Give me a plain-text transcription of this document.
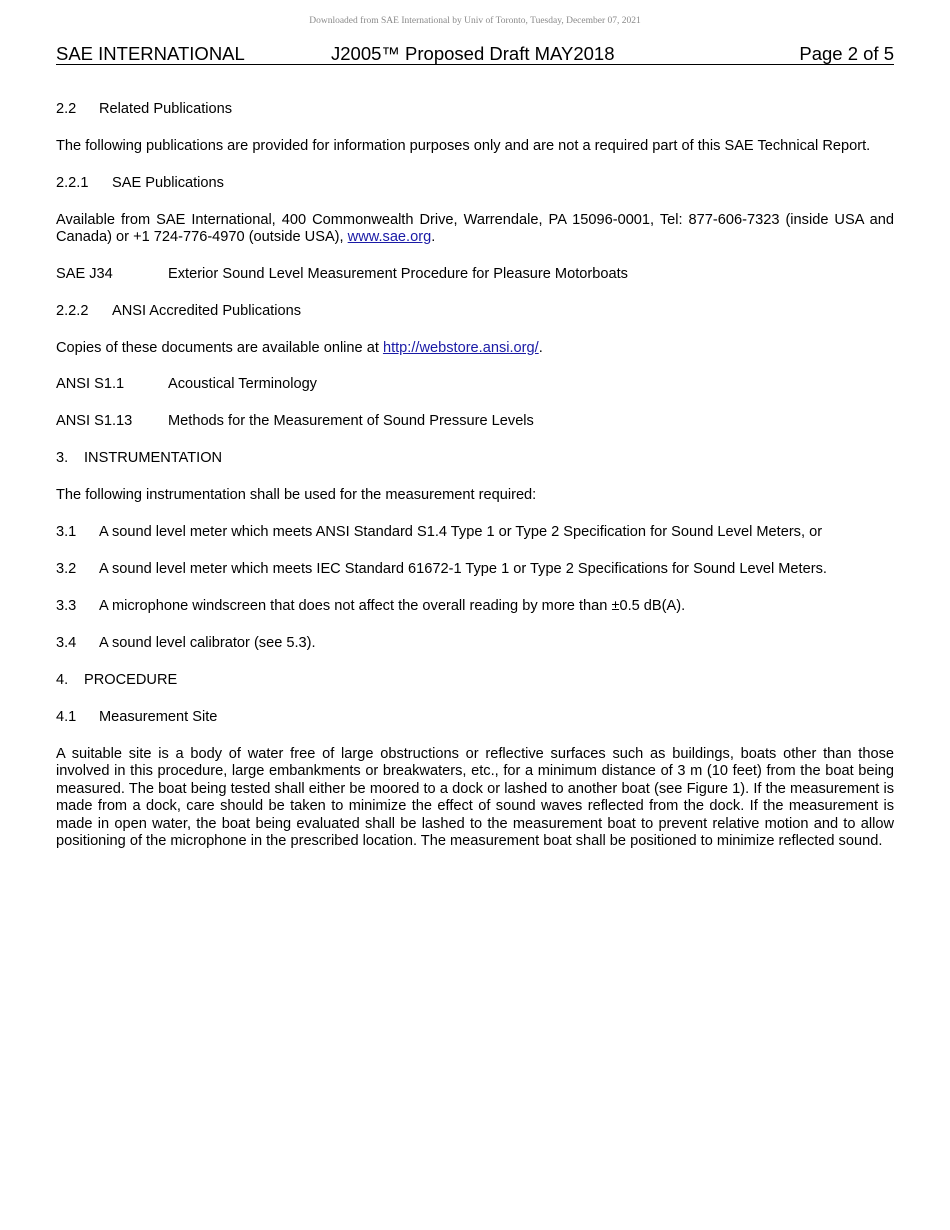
Downloaded from SAE International by Univ of Toronto, Tuesday, December 07, 2021
SAE INTERNATIONAL	J2005™ Proposed Draft MAY2018	Page 2 of 5
2.2 Related Publications

The following publications are provided for information purposes only and are not a required part of this SAE Technical Report.

2.2.1 SAE Publications

Available from SAE International, 400 Commonwealth Drive, Warrendale, PA 15096-0001, Tel: 877-606-7323 (inside USA and Canada) or +1 724-776-4970 (outside USA), www.sae.org.

SAE J34	Exterior Sound Level Measurement Procedure for Pleasure Motorboats
2.2.2 ANSI Accredited Publications

Copies of these documents are available online at http://webstore.ansi.org/.

ANSI S1.1	Acoustical Terminology
ANSI S1.13 Methods for the Measurement of Sound Pressure Levels
3. INSTRUMENTATION

The following instrumentation shall be used for the measurement required:

3.1 A sound level meter which meets ANSI Standard S1.4 Type 1 or Type 2 Specification for Sound Level Meters, or
3.2 A sound level meter which meets IEC Standard 61672-1 Type 1 or Type 2 Specifications for Sound Level Meters.
3.3 A microphone windscreen that does not affect the overall reading by more than ±0.5 dB(A).
3.4 A sound level calibrator (see 5.3).
4. PROCEDURE
4.1 Measurement Site

A suitable site is a body of water free of large obstructions or reflective surfaces such as buildings, boats other than those involved in this procedure, large embankments or breakwaters, etc., for a minimum distance of 3 m (10 feet) from the boat being measured. The boat being tested shall either be moored to a dock or lashed to another boat (see Figure 1). If the measurement is made from a dock, care should be taken to minimize the effect of sound waves reflected from the dock. If the measurement is made in open water, the boat being evaluated shall be lashed to the measurement boat to prevent relative motion and to allow positioning of the microphone in the prescribed location. The measurement boat shall be positioned to minimize reflected sound.
